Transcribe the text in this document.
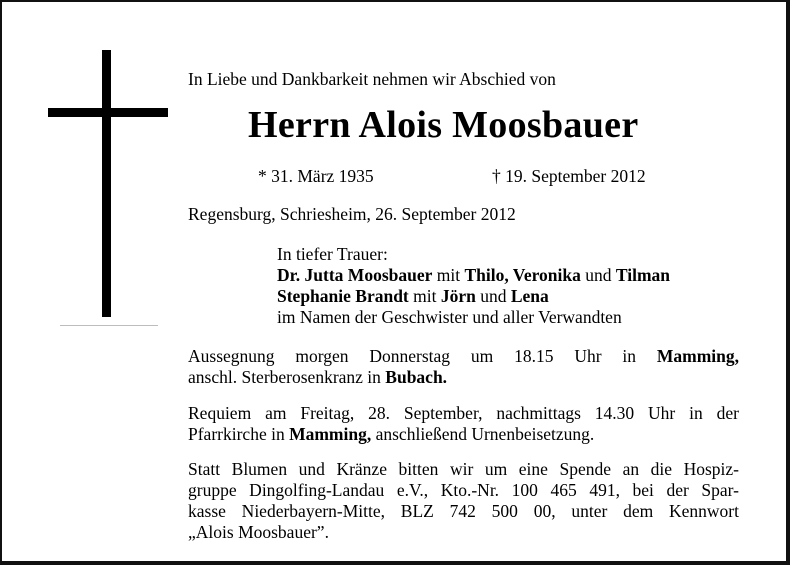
In Liebe und Dankbarkeit nehmen wir Abschied von
Herrn Alois Moosbauer
* 31. März 1935	† 19. September 2012
Regensburg, Schriesheim, 26. September 2012
In tiefer Trauer:
Dr. Jutta Moosbauer mit Thilo, Veronika und Tilman
Stephanie Brandt mit Jörn und Lena
im Namen der Geschwister und aller Verwandten
Aussegnung morgen Donnerstag um 18.15 Uhr in Mamming,
anschl. Sterberosenkranz in Bubach.
Requiem am Freitag, 28. September, nachmittags 14.30 Uhr in der
Pfarrkirche in Mamming, anschließend Urnenbeisetzung.
Statt Blumen und Kränze bitten wir um eine Spende an die Hospiz-
gruppe Dingolfing-Landau e.V., Kto.-Nr. 100 465 491, bei der Spar-
kasse Niederbayern-Mitte, BLZ 742 500 00, unter dem Kennwort
„Alois Moosbauer”.
